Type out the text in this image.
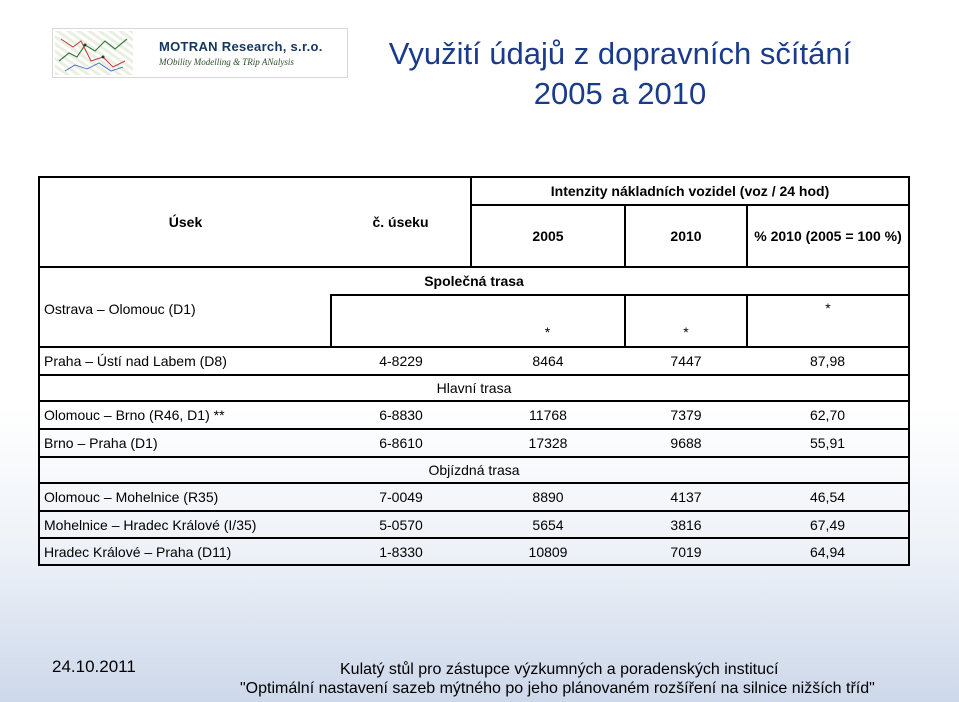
MOTRAN Research, s.r.o.
MObility Modelling & TRip ANalysis	Využití údajů z dopravních sčítání
2005 a 2010
Úsek	č. úseku	Intenzity nákladních vozidel (voz / 24 hod)		
		2005	2010	% 2010 (2005 = 100 %)
Společná trasa				
Ostrava – Olomouc (D1)		*	*	*
Praha – Ústí nad Labem (D8)	4-8229	8464	7447	87,98
Hlavní trasa				
Olomouc – Brno (R46, D1) **	6-8830	11768	7379	62,70
Brno – Praha (D1)	6-8610	17328	9688	55,91
Objízdná trasa				
Olomouc – Mohelnice (R35)	7-0049	8890	4137	46,54
Mohelnice – Hradec Králové (I/35)	5-0570	5654	3816	67,49
Hradec Králové – Praha (D11)	1-8330	10809	7019	64,94
24.10.2011	Kulatý stůl pro zástupce výzkumných a poradenských institucí
"Optimální nastavení sazeb mýtného po jeho plánovaném rozšíření na silnice nižších tříd"
